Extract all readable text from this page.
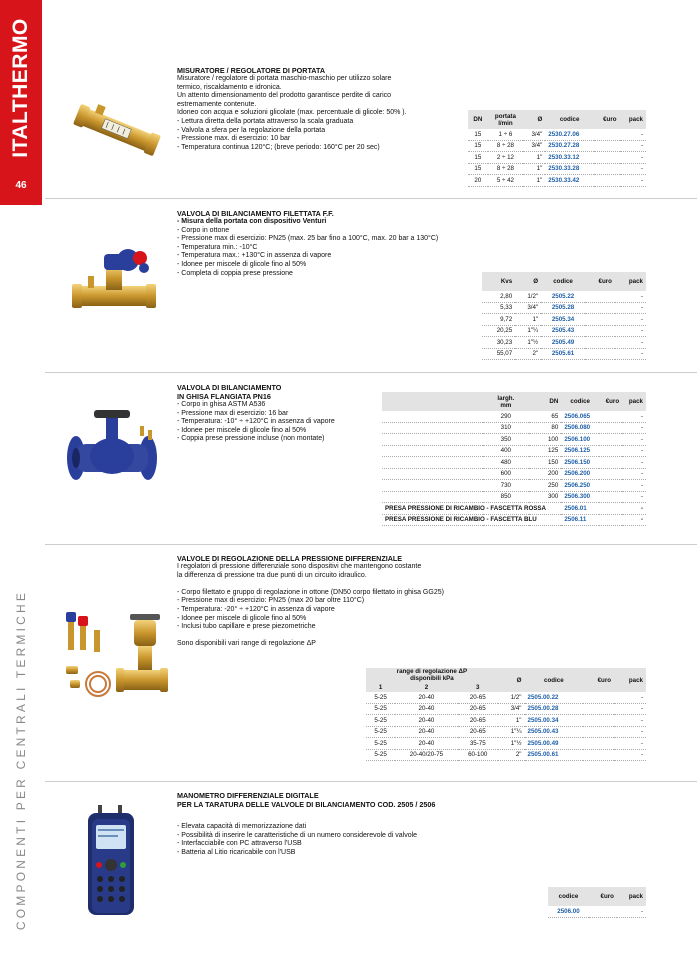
ITALTHERMO
46
COMPONENTI PER CENTRALI TERMICHE
MISURATORE / REGOLATORE DI PORTATA
Misuratore / regolatore di portata maschio-maschio per utilizzo solare
termico, riscaldamento e idronica.
Un attento dimensionamento del prodotto garantisce perdite di carico
estremamente contenute.
Idoneo con acqua e soluzioni glicolate (max. percentuale di glicole: 50% ).
- Lettura diretta della portata attraverso la scala graduata
- Valvola a sfera per la regolazione della portata
- Pressione max. di esercizio: 10 bar
- Temperatura continua 120°C; (breve periodo: 160°C per 20 sec)
DN	portata
l/min	Ø	codice	€uro	pack
15	1 ÷ 6	3/4"	2530.27.06		-
15	8 ÷ 28	3/4"	2530.27.28		-
15	2 ÷ 12	1"	2530.33.12		-
15	8 ÷ 28	1"	2530.33.28		-
20	5 ÷ 42	1"	2530.33.42		-
VALVOLA DI BILANCIAMENTO FILETTATA F.F.
- Misura della portata con dispositivo Venturi
- Corpo in ottone
- Pressione max di esercizio: PN25 (max. 25 bar fino a 100°C, max. 20 bar a 130°C)
- Temperatura min.: -10°C
- Temperatura max.: +130°C in assenza di vapore
- Idonee per miscele di glicole fino al 50%
- Completa di coppia prese pressione
Kvs	Ø	codice	€uro	pack
2,80	1/2"	2505.22		-
5,33	3/4"	2505.28		-
9,72	1"	2505.34		-
20,25	1"¼	2505.43		-
30,23	1"½	2505.49		-
55,07	2"	2505.61		-
VALVOLA DI BILANCIAMENTO
IN GHISA FLANGIATA PN16
- Corpo in ghisa ASTM A536
- Pressione max di esercizio: 16 bar
- Temperatura: -10° ÷ +120°C in assenza di vapore
- Idonee per miscele di glicole fino al 50%
- Coppia prese pressione incluse (non montate)
	largh.
mm	DN	codice	€uro	pack
	290	65	2506.065		-
	310	80	2506.080		-
	350	100	2506.100		-
	400	125	2506.125		-
	480	150	2506.150		-
	600	200	2506.200		-
	730	250	2506.250		-
	850	300	2506.300		-
PRESA PRESSIONE DI RICAMBIO - FASCETTA ROSSA			2506.01		-
PRESA PRESSIONE DI RICAMBIO - FASCETTA BLU			2506.11		-
VALVOLE DI REGOLAZIONE DELLA PRESSIONE DIFFERENZIALE
I regolatori di pressione differenziale sono dispositivi che mantengono costante
la differenza di pressione tra due punti di un circuito idraulico.
- Corpo filettato e gruppo di regolazione in ottone (DN50 corpo filettato in ghisa GG25)
- Pressione max di esercizio: PN25 (max 20 bar oltre 110°C)
- Temperatura: -20° ÷ +120°C in assenza di vapore
- Idonee per miscele di glicole fino al 50%
- Inclusi tubo capillare e prese piezometriche
Sono disponibili vari range di regolazione ΔP
range di regolazione ΔP
disponibili kPa			Ø	codice	€uro	pack
1	2	3				
5-25	20-40	20-65	1/2"	2505.00.22		-
5-25	20-40	20-65	3/4"	2505.00.28		-
5-25	20-40	20-65	1"	2505.00.34		-
5-25	20-40	20-65	1"¼	2505.00.43		-
5-25	20-40	35-75	1"½	2505.00.49		-
5-25	20-40/20-75	60-100	2"	2505.00.61		-
MANOMETRO DIFFERENZIALE DIGITALE
PER LA TARATURA DELLE VALVOLE DI BILANCIAMENTO COD. 2505 / 2506
- Elevata capacità di memorizzazione dati
- Possibilità di inserire le caratteristiche di un numero considerevole di valvole
- Interfacciabile con PC attraverso l'USB
- Batteria al Litio ricaricabile con l'USB
codice	€uro	pack
2506.00		-
